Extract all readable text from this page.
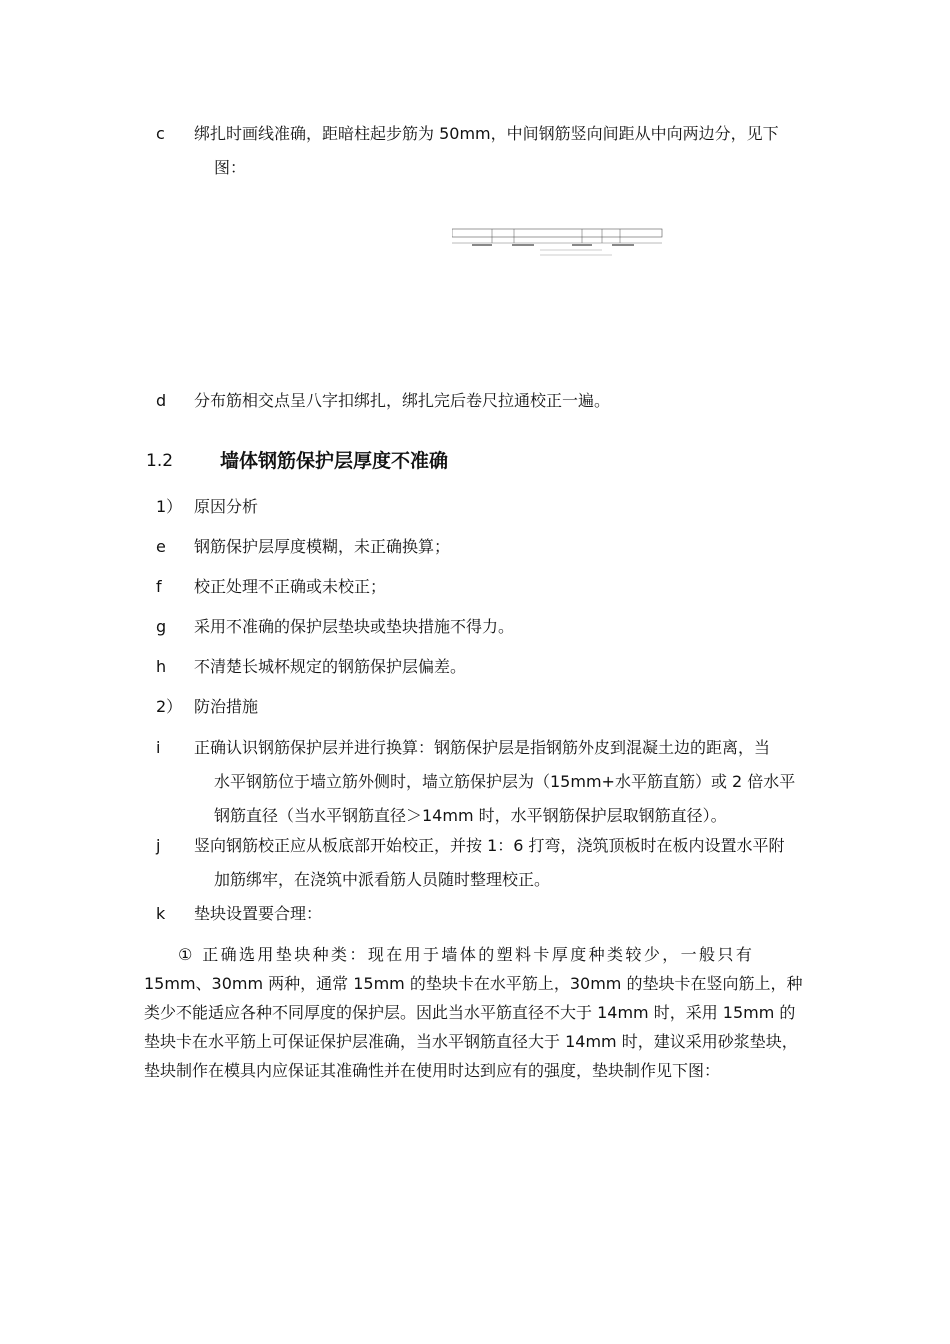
c	绑扎时画线准确，距暗柱起步筋为 50mm，中间钢筋竖向间距从中向两边分，见下
图：
d	分布筋相交点呈八字扣绑扎，绑扎完后卷尺拉通校正一遍。
1.2	墙体钢筋保护层厚度不准确
1） 原因分析
e	钢筋保护层厚度模糊，未正确换算；
f	校正处理不正确或未校正；
g	采用不准确的保护层垫块或垫块措施不得力。
h	不清楚长城杯规定的钢筋保护层偏差。
2） 防治措施
i	正确认识钢筋保护层并进行换算：钢筋保护层是指钢筋外皮到混凝土边的距离，当
水平钢筋位于墙立筋外侧时，墙立筋保护层为（15mm+水平筋直筋）或 2 倍水平
钢筋直径（当水平钢筋直径＞14mm 时，水平钢筋保护层取钢筋直径）。
j	竖向钢筋校正应从板底部开始校正，并按 1：6 打弯，浇筑顶板时在板内设置水平附
加筋绑牢，在浇筑中派看筋人员随时整理校正。
k	垫块设置要合理：
① 正确选用垫块种类：现在用于墙体的塑料卡厚度种类较少，一般只有
15mm、30mm 两种，通常 15mm 的垫块卡在水平筋上，30mm 的垫块卡在竖向筋上，种
类少不能适应各种不同厚度的保护层。因此当水平筋直径不大于 14mm 时，采用 15mm 的
垫块卡在水平筋上可保证保护层准确，当水平钢筋直径大于 14mm 时，建议采用砂浆垫块，
垫块制作在模具内应保证其准确性并在使用时达到应有的强度，垫块制作见下图：
